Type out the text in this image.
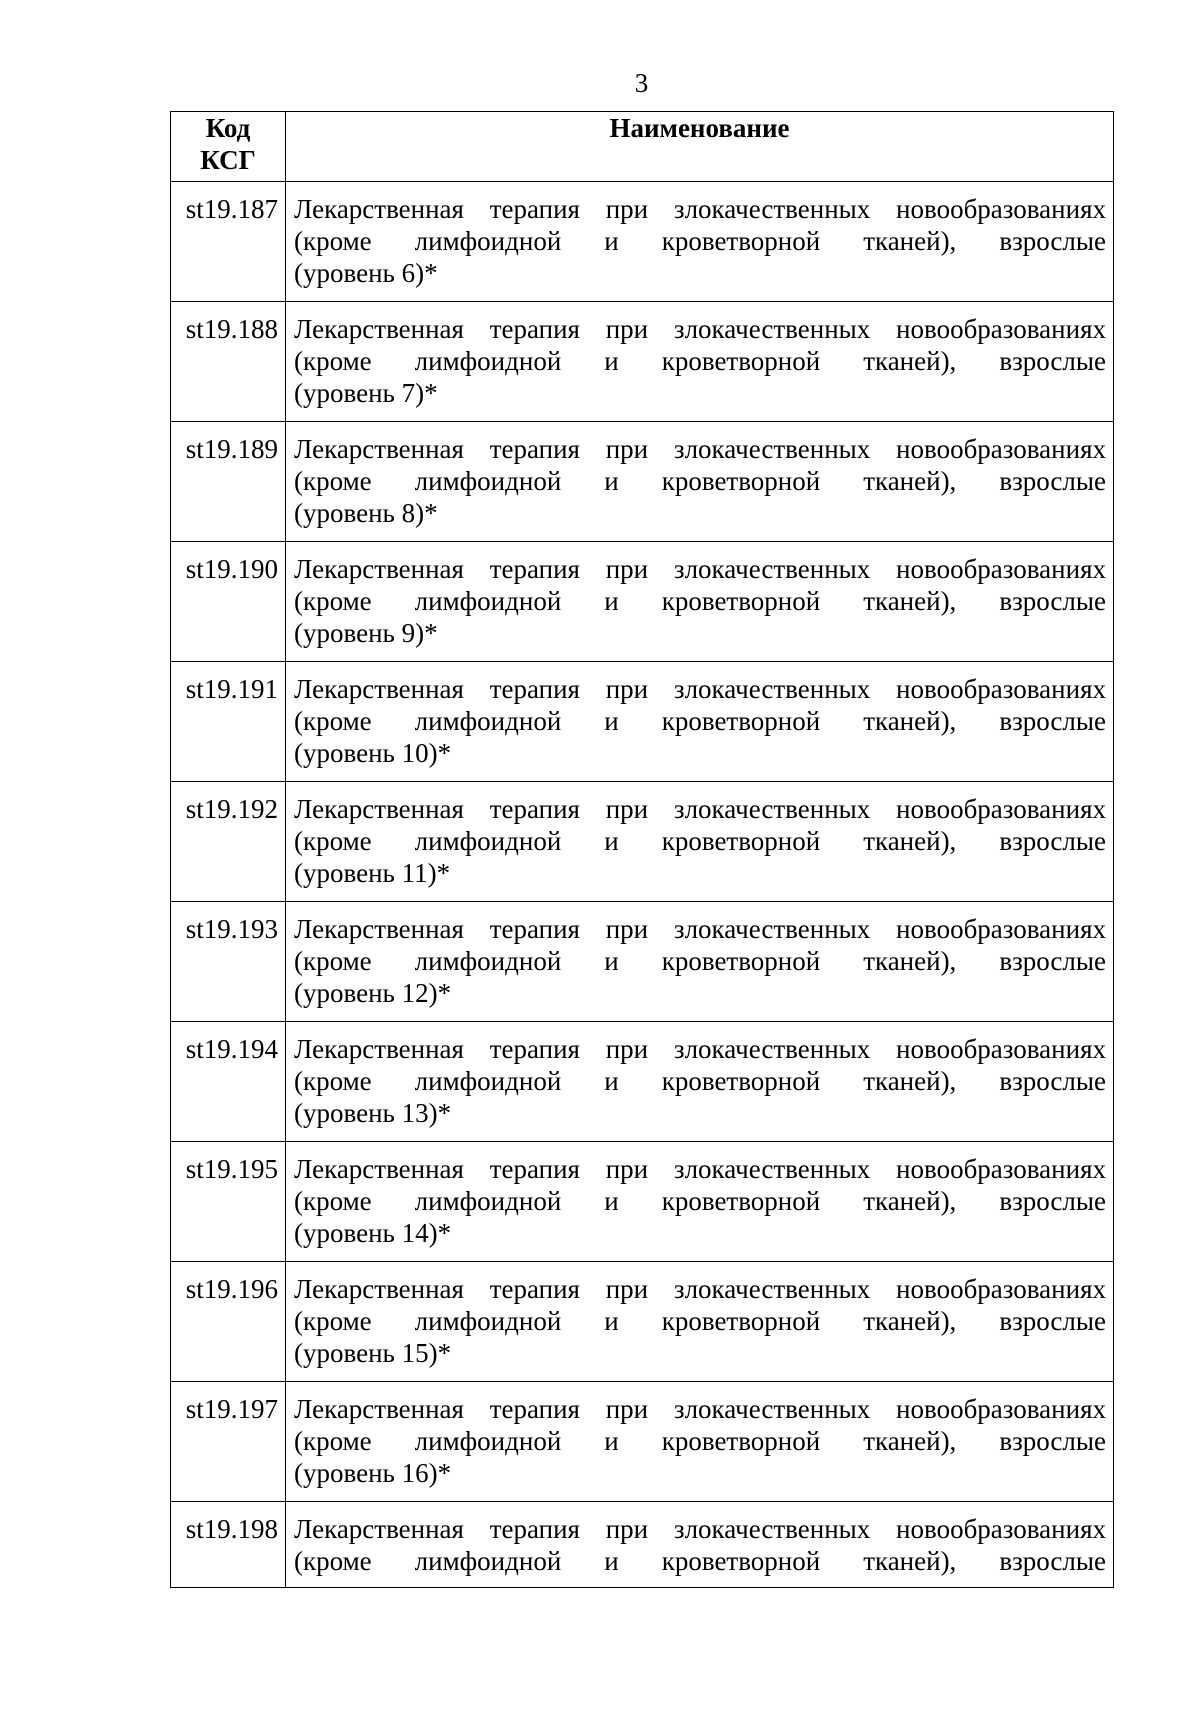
3
Код
КСГ	Наименование
st19.187	Лекарственная терапия при злокачественных новообразованиях
(кроме лимфоидной и кроветворной тканей), взрослые
(уровень 6)*

st19.188	Лекарственная терапия при злокачественных новообразованиях
(кроме лимфоидной и кроветворной тканей), взрослые
(уровень 7)*

st19.189	Лекарственная терапия при злокачественных новообразованиях
(кроме лимфоидной и кроветворной тканей), взрослые
(уровень 8)*

st19.190	Лекарственная терапия при злокачественных новообразованиях
(кроме лимфоидной и кроветворной тканей), взрослые
(уровень 9)*

st19.191	Лекарственная терапия при злокачественных новообразованиях
(кроме лимфоидной и кроветворной тканей), взрослые
(уровень 10)*

st19.192	Лекарственная терапия при злокачественных новообразованиях
(кроме лимфоидной и кроветворной тканей), взрослые
(уровень 11)*

st19.193	Лекарственная терапия при злокачественных новообразованиях
(кроме лимфоидной и кроветворной тканей), взрослые
(уровень 12)*

st19.194	Лекарственная терапия при злокачественных новообразованиях
(кроме лимфоидной и кроветворной тканей), взрослые
(уровень 13)*

st19.195	Лекарственная терапия при злокачественных новообразованиях
(кроме лимфоидной и кроветворной тканей), взрослые
(уровень 14)*

st19.196	Лекарственная терапия при злокачественных новообразованиях
(кроме лимфоидной и кроветворной тканей), взрослые
(уровень 15)*

st19.197	Лекарственная терапия при злокачественных новообразованиях
(кроме лимфоидной и кроветворной тканей), взрослые
(уровень 16)*

st19.198	Лекарственная терапия при злокачественных новообразованиях
(кроме лимфоидной и кроветворной тканей), взрослые
